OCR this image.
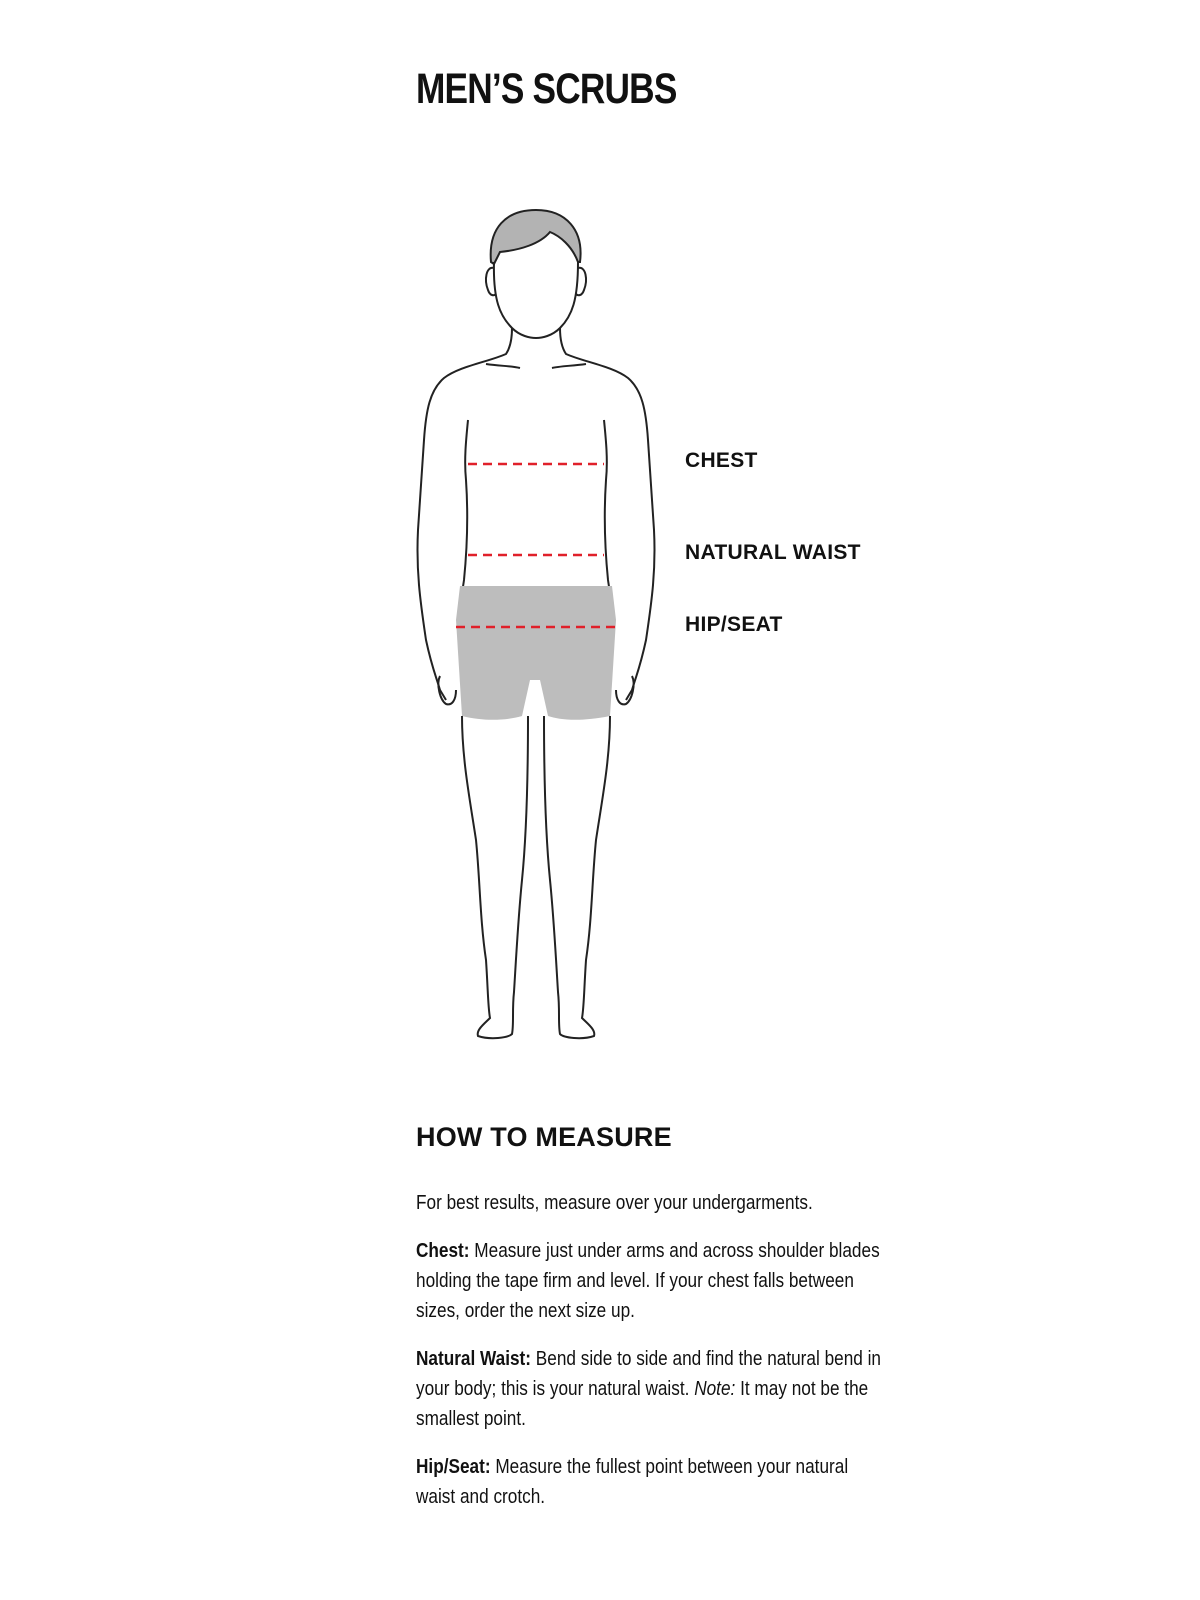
MEN’S SCRUBS
CHEST
NATURAL WAIST
HIP/SEAT
HOW TO MEASURE

For best results, measure over your undergarments.

Chest: Measure just under arms and across shoulder blades holding the tape firm and level. If your chest falls between sizes, order the next size up.

Natural Waist: Bend side to side and find the natural bend in your body; this is your natural waist. Note: It may not be the smallest point.

Hip/Seat: Measure the fullest point between your natural waist and crotch.
